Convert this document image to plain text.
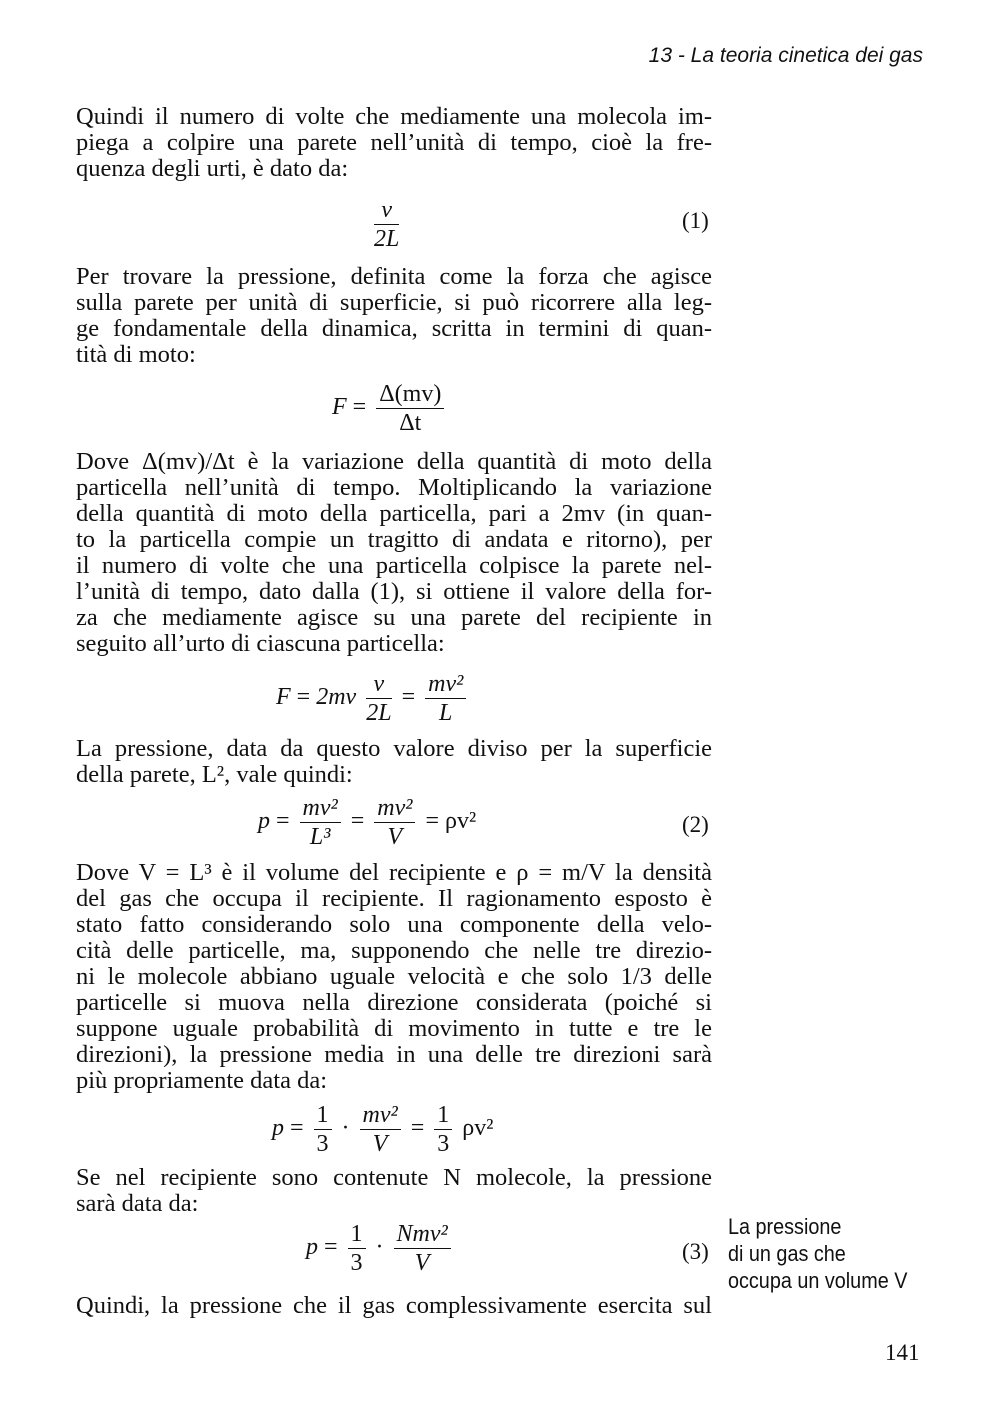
13 - La teoria cinetica dei gas

Quindi il numero di volte che mediamente una molecola im-
piega a colpire una parete nell’unità di tempo, cioè la fre-
quenza degli urti, è dato da:

$\frac{v}{2L}$	(1)

Per trovare la pressione, definita come la forza che agisce
sulla parete per unità di superficie, si può ricorrere alla leg-
ge fondamentale della dinamica, scritta in termini di quan-
tità di moto:

$F = \frac{\Delta(mv)}{\Delta t}$

Dove Δ(mv)/Δt è la variazione della quantità di moto della
particella nell’unità di tempo. Moltiplicando la variazione
della quantità di moto della particella, pari a 2mv (in quan-
to la particella compie un tragitto di andata e ritorno), per
il numero di volte che una particella colpisce la parete nel-
l’unità di tempo, dato dalla (1), si ottiene il valore della for-
za che mediamente agisce su una parete del recipiente in
seguito all’urto di ciascuna particella:

$F = 2mv \frac{v}{2L} = \frac{\text{mv²}}{L}$

La pressione, data da questo valore diviso per la superficie
della parete, L², vale quindi:

$p = \frac{\text{mv²}}{\text{L³}} = \frac{\text{mv²}}{V} = \rho v^2$	(2)

Dove V = L³ è il volume del recipiente e ρ = m/V la densità
del gas che occupa il recipiente. Il ragionamento esposto è
stato fatto considerando solo una componente della velo-
cità delle particelle, ma, supponendo che nelle tre direzio-
ni le molecole abbiano uguale velocità e che solo 1/3 delle
particelle si muova nella direzione considerata (poiché si
suppone uguale probabilità di movimento in tutte e tre le
direzioni), la pressione media in una delle tre direzioni sarà
più propriamente data da:

$p = \frac{1}{3} \cdot \frac{\text{mv²}}{V} = \frac{1}{3} \rho v^2$

Se nel recipiente sono contenute N molecole, la pressione
sarà data da:

$p = \frac{1}{3} \cdot \frac{\text{Nmv²}}{V}$	(3)
La pressione
di un gas che
occupa un volume V

Quindi, la pressione che il gas complessivamente esercita sul

141
